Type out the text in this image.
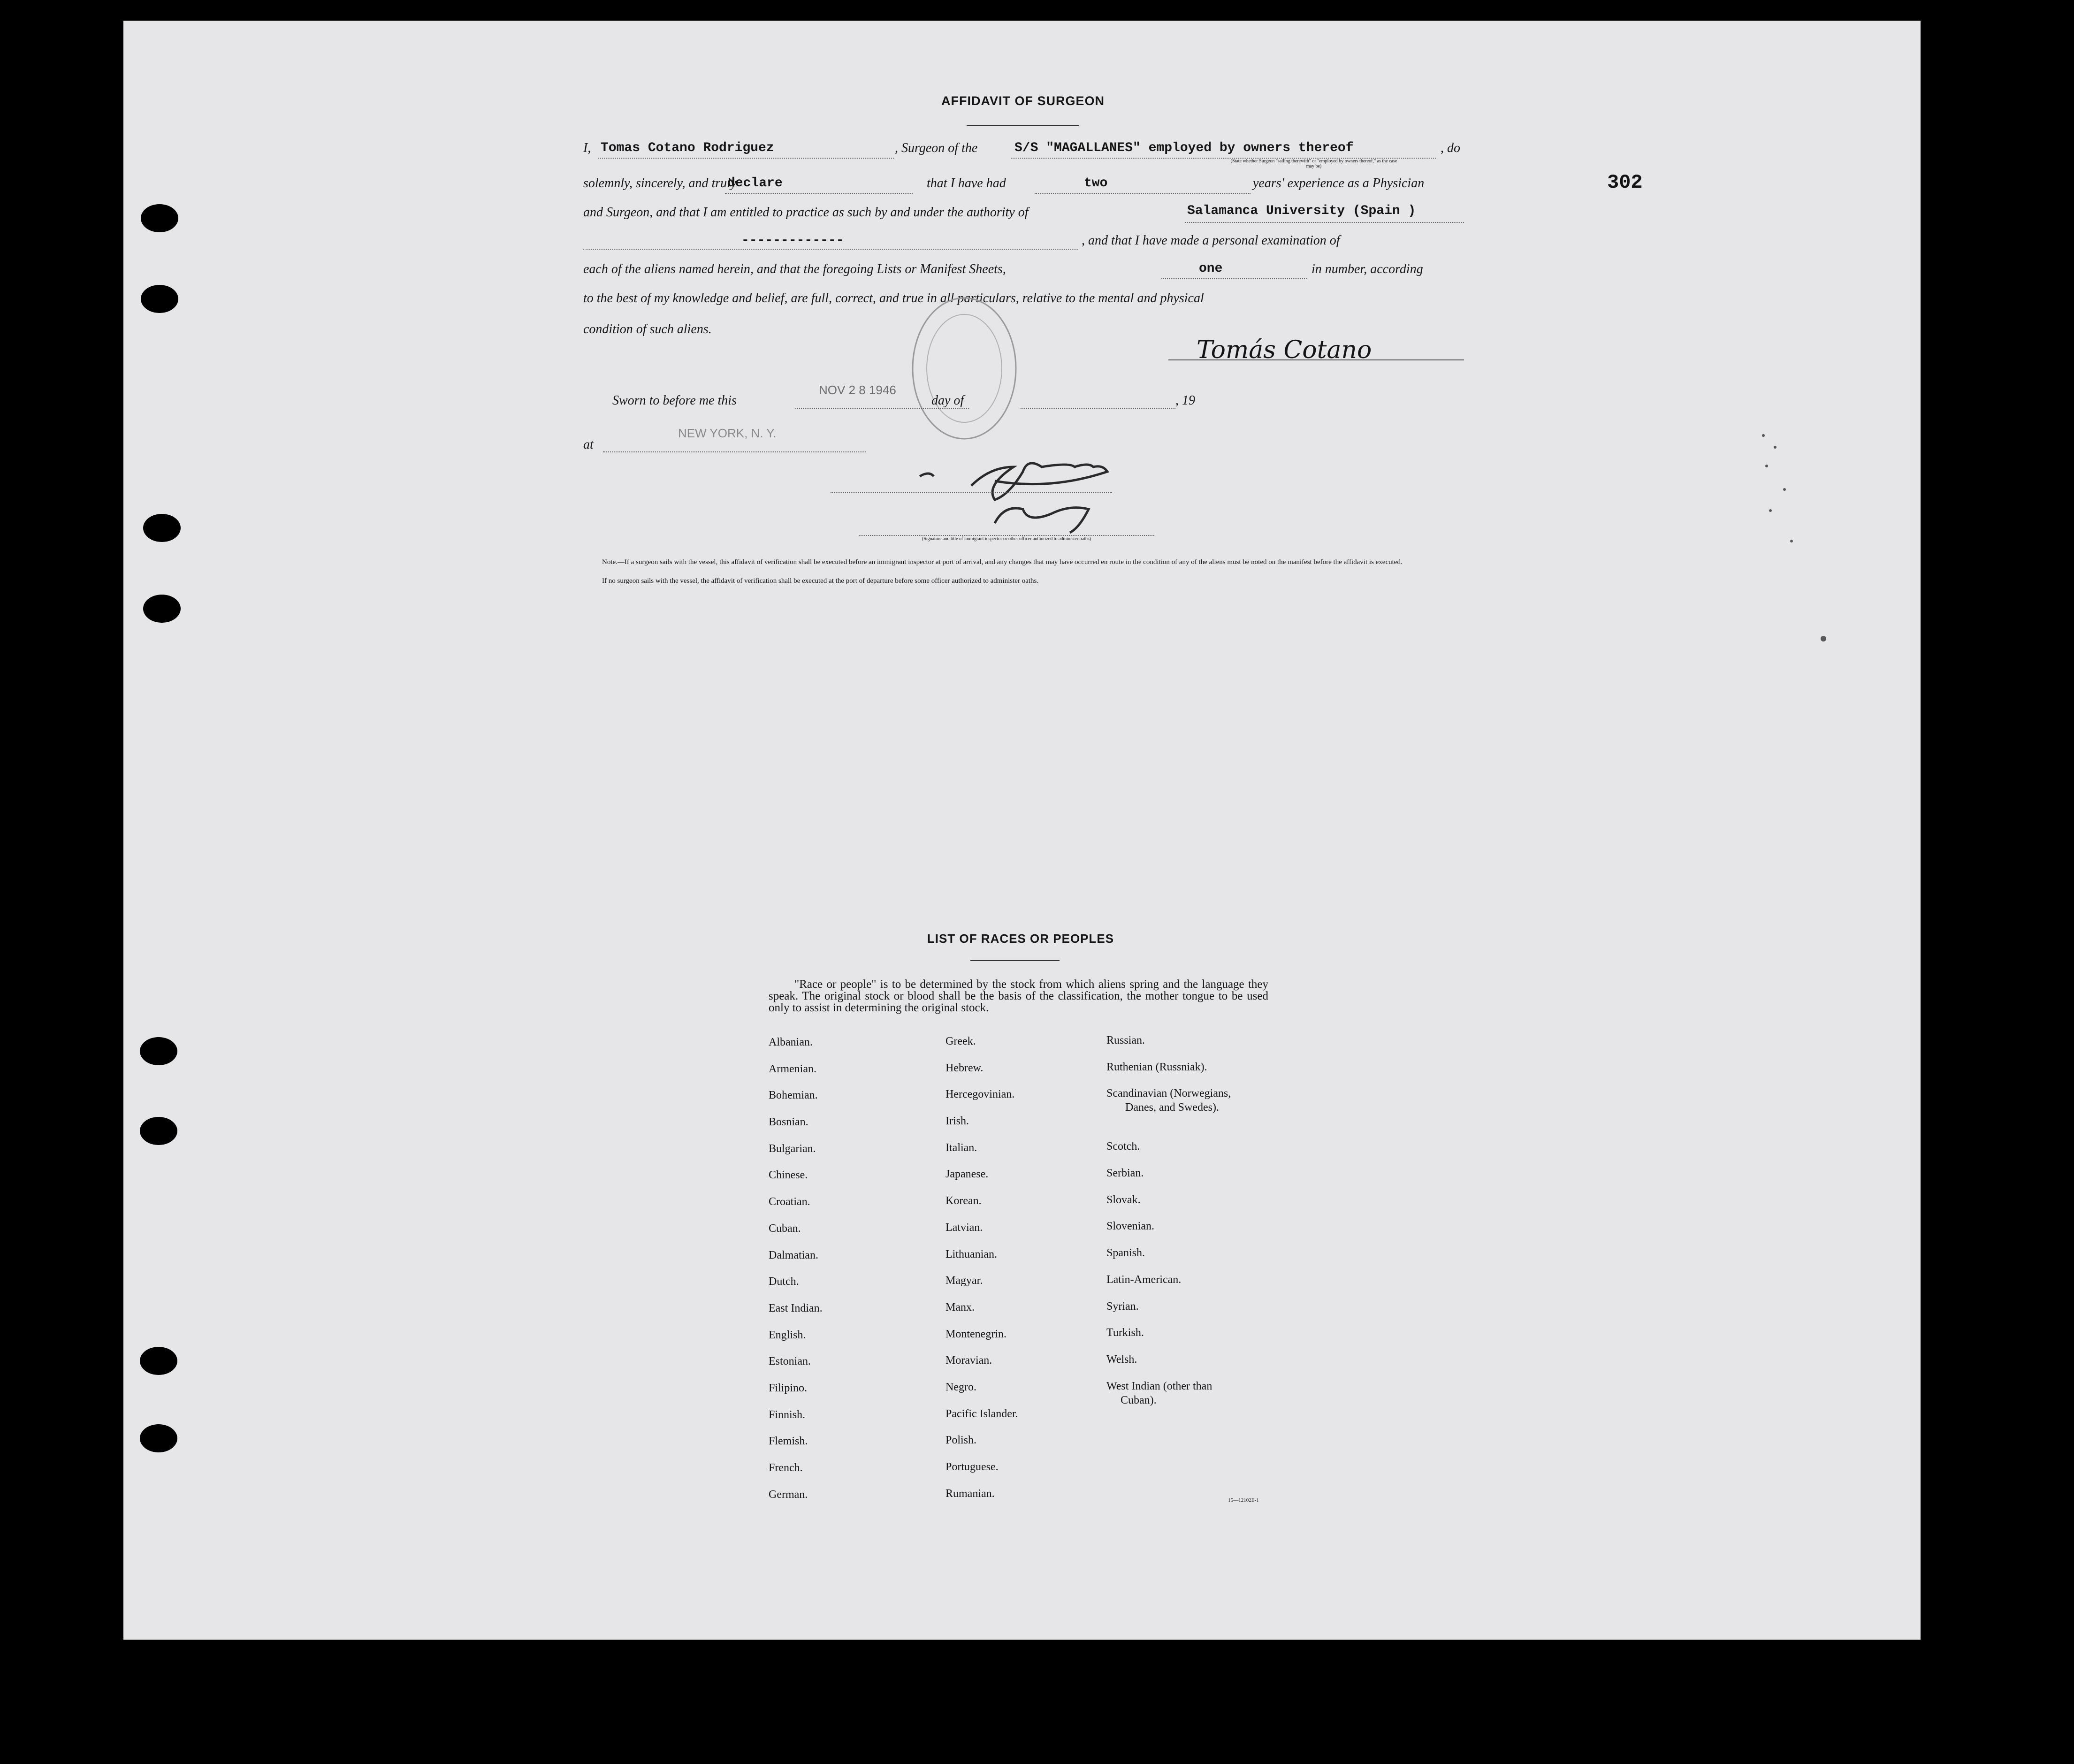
302
AFFIDAVIT OF SURGEON
I, Tomas Cotano Rodriguez	, Surgeon of the	S/S "MAGALLANES" employed by owners thereof	, do
(State whether Surgeon "sailing therewith" or "employed by owners thereof," as the case may be)
solemnly, sincerely, and truly
declare	that I have had	two	years' experience as a Physician
and Surgeon, and that I am entitled to practice as such by and under the authority of	Salamanca University (Spain )
-------------	, and that I have made a personal examination of
each of the aliens named herein, and that the foregoing Lists or Manifest Sheets,	one	in number, according
to the best of my knowledge and belief, are full, correct, and true in all particulars, relative to the mental and physical
condition of such aliens.
Tomás Cotano
Sworn to before me this
NOV 2 8 1946
day of	, 19
at
NEW YORK, N. Y.
(Signature and title of immigrant inspector or other officer authorized to administer oaths)
Note.—If a surgeon sails with the vessel, this affidavit of verification shall be executed before an immigrant inspector at port of arrival, and any changes that may have occurred en route in the condition of any of the aliens must be noted on the manifest before the affidavit is executed.
If no surgeon sails with the vessel, the affidavit of verification shall be executed at the port of departure before some officer authorized to administer oaths.
LIST OF RACES OR PEOPLES
"Race or people" is to be determined by the stock from which aliens spring and the language they speak. The original stock or blood shall be the basis of the classification, the mother tongue to be used only to assist in determining the original stock.
Albanian.
Armenian.
Bohemian.
Bosnian.
Bulgarian.
Chinese.
Croatian.
Cuban.
Dalmatian.
Dutch.
East Indian.
English.
Estonian.
Filipino.
Finnish.
Flemish.
French.
German.
Greek.
Hebrew.
Hercegovinian.
Irish.
Italian.
Japanese.
Korean.
Latvian.
Lithuanian.
Magyar.
Manx.
Montenegrin.
Moravian.
Negro.
Pacific Islander.
Polish.
Portuguese.
Rumanian.
Russian.
Ruthenian (Russniak).
Scandinavian (Norwegians,
Danes, and Swedes).
Scotch.
Serbian.
Slovak.
Slovenian.
Spanish.
Latin-American.
Syrian.
Turkish.
Welsh.
West Indian (other than
Cuban).
15—12102E-1
